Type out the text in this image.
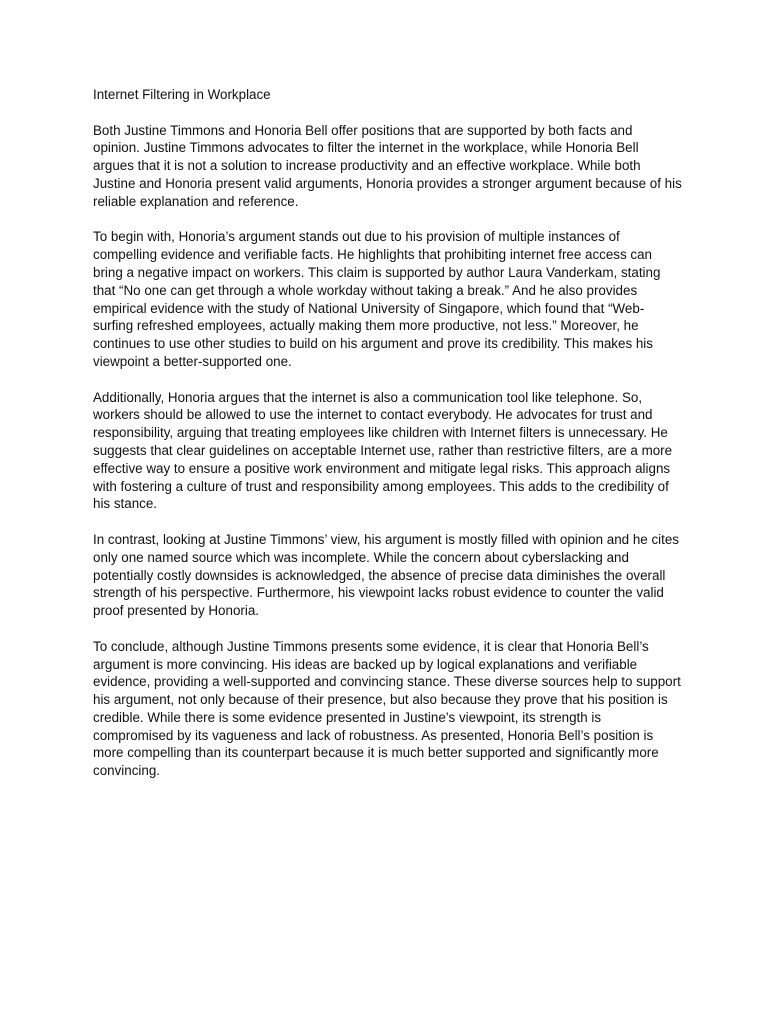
Internet Filtering in Workplace

Both Justine Timmons and Honoria Bell offer positions that are supported by both facts and opinion. Justine Timmons advocates to filter the internet in the workplace, while Honoria Bell argues that it is not a solution to increase productivity and an effective workplace. While both Justine and Honoria present valid arguments, Honoria provides a stronger argument because of his reliable explanation and reference.

To begin with, Honoria’s argument stands out due to his provision of multiple instances of compelling evidence and verifiable facts. He highlights that prohibiting internet free access can bring a negative impact on workers. This claim is supported by author Laura Vanderkam, stating that “No one can get through a whole workday without taking a break.” And he also provides empirical evidence with the study of National University of Singapore, which found that “Web-surfing refreshed employees, actually making them more productive, not less.” Moreover, he continues to use other studies to build on his argument and prove its credibility. This makes his viewpoint a better-supported one.

Additionally, Honoria argues that the internet is also a communication tool like telephone. So, workers should be allowed to use the internet to contact everybody. He advocates for trust and responsibility, arguing that treating employees like children with Internet filters is unnecessary. He suggests that clear guidelines on acceptable Internet use, rather than restrictive filters, are a more effective way to ensure a positive work environment and mitigate legal risks. This approach aligns with fostering a culture of trust and responsibility among employees. This adds to the credibility of his stance.

In contrast, looking at Justine Timmons’ view, his argument is mostly filled with opinion and he cites only one named source which was incomplete. While the concern about cyberslacking and potentially costly downsides is acknowledged, the absence of precise data diminishes the overall strength of his perspective. Furthermore, his viewpoint lacks robust evidence to counter the valid proof presented by Honoria.

To conclude, although Justine Timmons presents some evidence, it is clear that Honoria Bell’s argument is more convincing. His ideas are backed up by logical explanations and verifiable evidence, providing a well-supported and convincing stance. These diverse sources help to support his argument, not only because of their presence, but also because they prove that his position is credible. While there is some evidence presented in Justine’s viewpoint, its strength is compromised by its vagueness and lack of robustness. As presented, Honoria Bell’s position is more compelling than its counterpart because it is much better supported and significantly more convincing.
